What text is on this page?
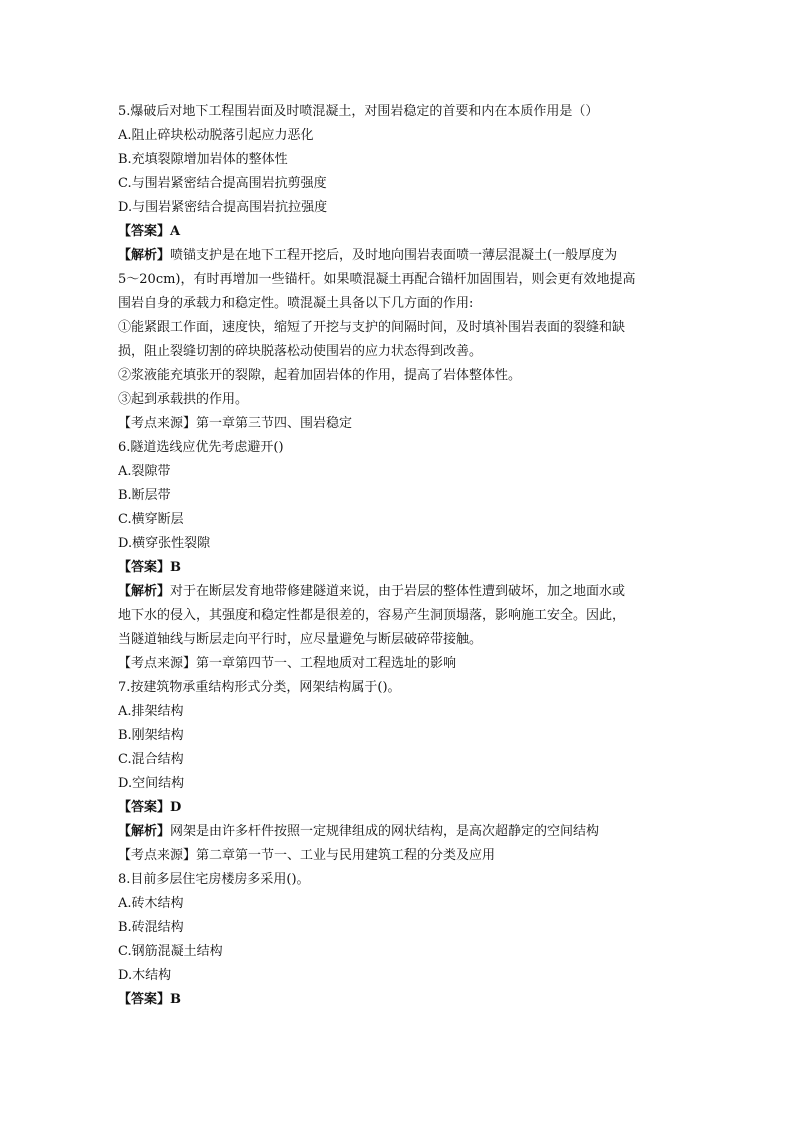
5.爆破后对地下工程围岩面及时喷混凝土，对围岩稳定的首要和内在本质作用是（）
A.阻止碎块松动脱落引起应力恶化
B.充填裂隙增加岩体的整体性
C.与围岩紧密结合提高围岩抗剪强度
D.与围岩紧密结合提高围岩抗拉强度
【答案】A
【解析】喷锚支护是在地下工程开挖后，及时地向围岩表面喷一薄层混凝土(一般厚度为
5～20cm)，有时再增加一些锚杆。如果喷混凝土再配合锚杆加固围岩，则会更有效地提高
围岩自身的承载力和稳定性。喷混凝土具备以下几方面的作用:
①能紧跟工作面，速度快，缩短了开挖与支护的间隔时间，及时填补围岩表面的裂缝和缺
损，阻止裂缝切割的碎块脱落松动使围岩的应力状态得到改善。
②浆液能充填张开的裂隙，起着加固岩体的作用，提高了岩体整体性。
③起到承载拱的作用。
【考点来源】第一章第三节四、围岩稳定
6.隧道选线应优先考虑避开()
A.裂隙带
B.断层带
C.横穿断层
D.横穿张性裂隙
【答案】B
【解析】对于在断层发育地带修建隧道来说，由于岩层的整体性遭到破坏，加之地面水或
地下水的侵入，其强度和稳定性都是很差的，容易产生洞顶塌落，影响施工安全。因此，
当隧道轴线与断层走向平行时，应尽量避免与断层破碎带接触。
【考点来源】第一章第四节一、工程地质对工程选址的影响
7.按建筑物承重结构形式分类，网架结构属于()。
A.排架结构
B.刚架结构
C.混合结构
D.空间结构
【答案】D
【解析】网架是由许多杆件按照一定规律组成的网状结构，是高次超静定的空间结构
【考点来源】第二章第一节一、工业与民用建筑工程的分类及应用
8.目前多层住宅房楼房多采用()。
A.砖木结构
B.砖混结构
C.钢筋混凝土结构
D.木结构
【答案】B
